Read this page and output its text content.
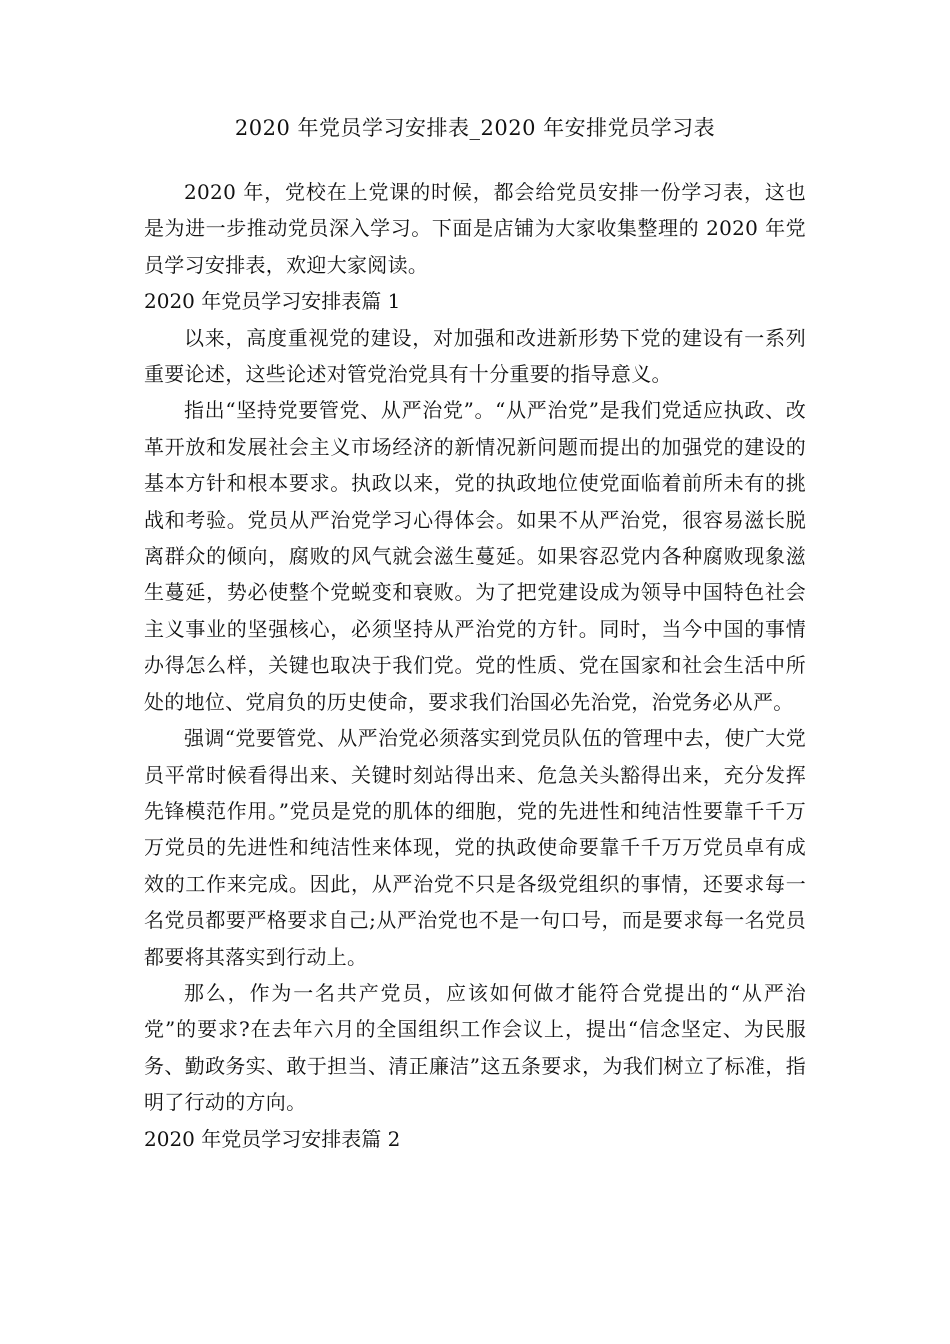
2020 年党员学习安排表_2020 年安排党员学习表

2020 年，党校在上党课的时候，都会给党员安排一份学习表，这也是为进一步推动党员深入学习。下面是店铺为大家收集整理的 2020 年党员学习安排表，欢迎大家阅读。

2020 年党员学习安排表篇 1

以来，高度重视党的建设，对加强和改进新形势下党的建设有一系列重要论述，这些论述对管党治党具有十分重要的指导意义。

指出“坚持党要管党、从严治党”。“从严治党”是我们党适应执政、改革开放和发展社会主义市场经济的新情况新问题而提出的加强党的建设的基本方针和根本要求。执政以来，党的执政地位使党面临着前所未有的挑战和考验。党员从严治党学习心得体会。如果不从严治党，很容易滋长脱离群众的倾向，腐败的风气就会滋生蔓延。如果容忍党内各种腐败现象滋生蔓延，势必使整个党蜕变和衰败。为了把党建设成为领导中国特色社会主义事业的坚强核心，必须坚持从严治党的方针。同时，当今中国的事情办得怎么样，关键也取决于我们党。党的性质、党在国家和社会生活中所处的地位、党肩负的历史使命，要求我们治国必先治党，治党务必从严。

强调“党要管党、从严治党必须落实到党员队伍的管理中去，使广大党员平常时候看得出来、关键时刻站得出来、危急关头豁得出来，充分发挥先锋模范作用。”党员是党的肌体的细胞，党的先进性和纯洁性要靠千千万万党员的先进性和纯洁性来体现，党的执政使命要靠千千万万党员卓有成效的工作来完成。因此，从严治党不只是各级党组织的事情，还要求每一名党员都要严格要求自己;从严治党也不是一句口号，而是要求每一名党员都要将其落实到行动上。

那么，作为一名共产党员，应该如何做才能符合党提出的“从严治党”的要求?在去年六月的全国组织工作会议上，提出“信念坚定、为民服务、勤政务实、敢于担当、清正廉洁”这五条要求，为我们树立了标准，指明了行动的方向。

2020 年党员学习安排表篇 2
